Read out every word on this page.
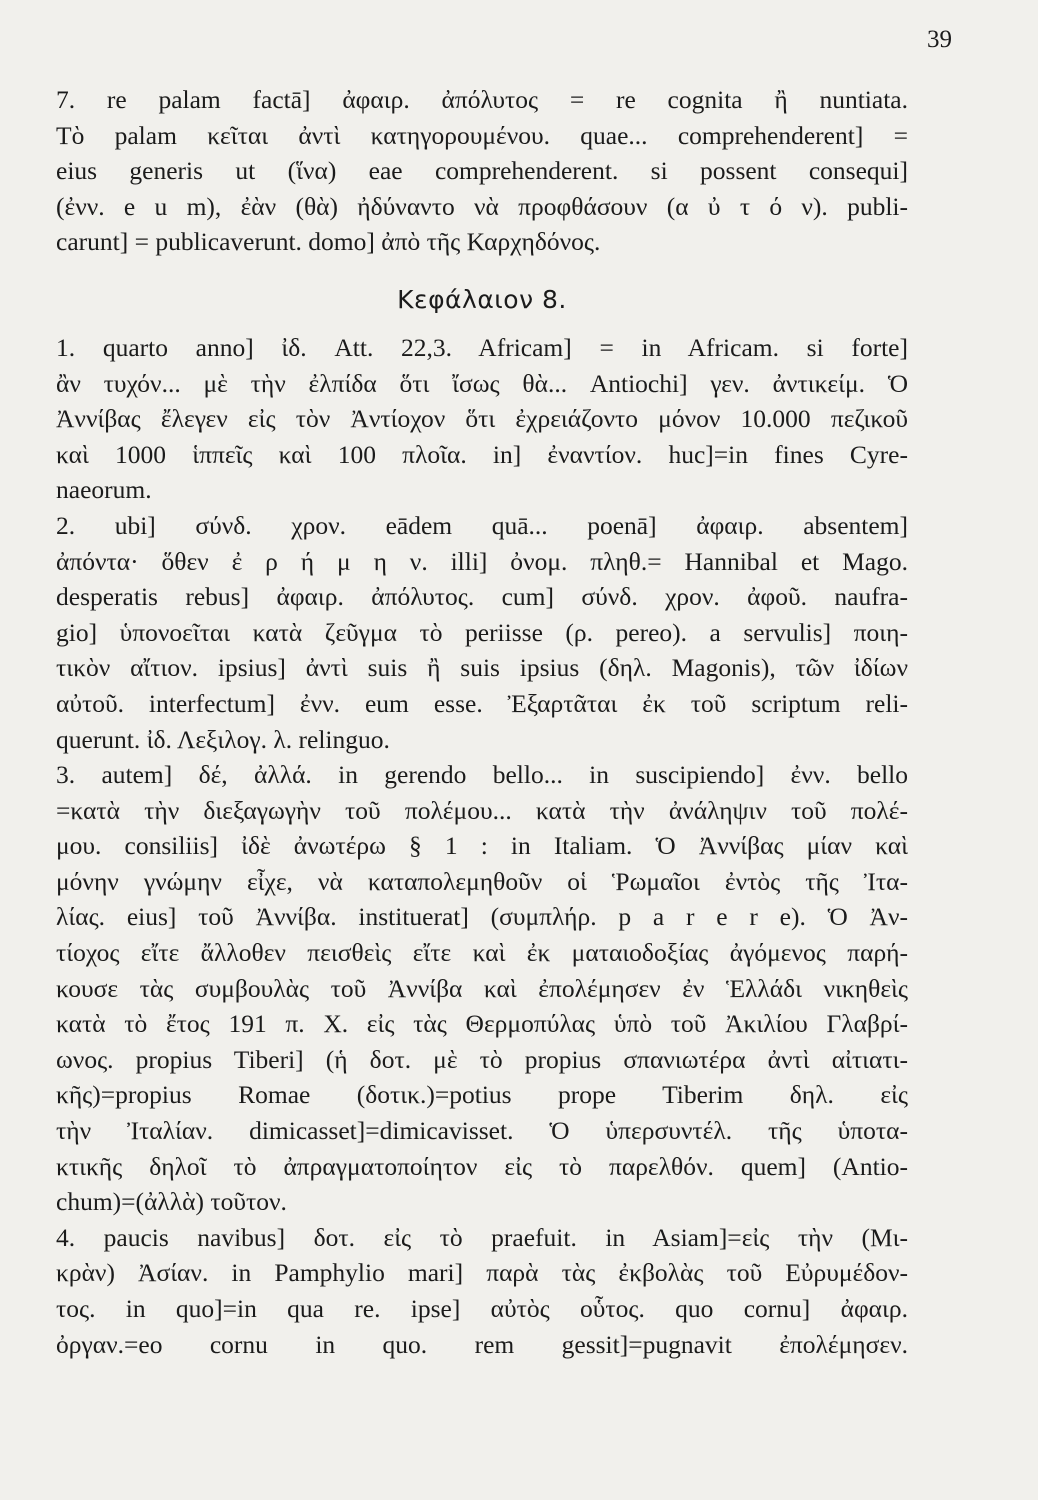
39
7. re palam factā] ἀφαιρ. ἀπόλυτος = re cognita ἢ nuntiata.
Τὸ palam κεῖται ἀντὶ κατηγορουμένου. quae... comprehenderent] =
eius generis ut (ἵνα) eae comprehenderent. si possent consequi]
(ἐνν. e u m), ἐὰν (θὰ) ἠδύναντο νὰ προφθάσουν (α ὐ τ ό ν). publi-
carunt] = publicaverunt. domo] ἀπὸ τῆς Καρχηδόνος.
Κεφάλαιον 8.
1. quarto anno] ἰδ. Att. 22,3. Africam] = in Africam. si forte]
ἂν τυχόν... μὲ τὴν ἐλπίδα ὅτι ἴσως θὰ... Antiochi] γεν. ἀντικείμ. Ὁ
Ἀννίβας ἔλεγεν εἰς τὸν Ἀντίοχον ὅτι ἐχρειάζοντο μόνον 10.000 πεζικοῦ
καὶ 1000 ἱππεῖς καὶ 100 πλοῖα. in] ἐναντίον. huc]=in fines Cyre-
naeorum.
2. ubi] σύνδ. χρον. eādem quā... poenā] ἀφαιρ. absentem]
ἀπόντα· ὅθεν ἐ ρ ή μ η ν. illi] ὀνομ. πληθ.= Hannibal et Mago.
desperatis rebus] ἀφαιρ. ἀπόλυτος. cum] σύνδ. χρον. ἀφοῦ. naufra-
gio] ὑπονοεῖται κατὰ ζεῦγμα τὸ periisse (ρ. pereo). a servulis] ποιη-
τικὸν αἴτιον. ipsius] ἀντὶ suis ἢ suis ipsius (δηλ. Magonis), τῶν ἰδίων
αὐτοῦ. interfectum] ἐνν. eum esse. Ἐξαρτᾶται ἐκ τοῦ scriptum reli-
querunt. ἰδ. Λεξιλογ. λ. relinguo.
3. autem] δέ, ἀλλά. in gerendo bello... in suscipiendo] ἐνν. bello
=κατὰ τὴν διεξαγωγὴν τοῦ πολέμου... κατὰ τὴν ἀνάληψιν τοῦ πολέ-
μου. consiliis] ἰδὲ ἀνωτέρω § 1 : in Italiam. Ὁ Ἀννίβας μίαν καὶ
μόνην γνώμην εἶχε, νὰ καταπολεμηθοῦν οἱ Ῥωμαῖοι ἐντὸς τῆς Ἰτα-
λίας. eius] τοῦ Ἀννίβα. instituerat] (συμπλήρ. p a r e r e). Ὁ Ἀν-
τίοχος εἴτε ἄλλοθεν πεισθεὶς εἴτε καὶ ἐκ ματαιοδοξίας ἀγόμενος παρή-
κουσε τὰς συμβουλὰς τοῦ Ἀννίβα καὶ ἐπολέμησεν ἐν Ἑλλάδι νικηθεὶς
κατὰ τὸ ἔτος 191 π. Χ. εἰς τὰς Θερμοπύλας ὑπὸ τοῦ Ἀκιλίου Γλαβρί-
ωνος. propius Tiberi] (ἡ δοτ. μὲ τὸ propius σπανιωτέρα ἀντὶ αἰτιατι-
κῆς)=propius Romae (δοτικ.)=potius prope Tiberim δηλ. εἰς
τὴν Ἰταλίαν. dimicasset]=dimicavisset. Ὁ ὑπερσυντέλ. τῆς ὑποτα-
κτικῆς δηλοῖ τὸ ἀπραγματοποίητον εἰς τὸ παρελθόν. quem] (Antio-
chum)=(ἀλλὰ) τοῦτον.
4. paucis navibus] δοτ. εἰς τὸ praefuit. in Asiam]=εἰς τὴν (Μι-
κρὰν) Ἀσίαν. in Pamphylio mari] παρὰ τὰς ἐκβολὰς τοῦ Εὐρυμέδον-
τος. in quo]=in qua re. ipse] αὐτὸς οὗτος. quo cornu] ἀφαιρ.
ὀργαν.=eo cornu in quo. rem gessit]=pugnavit ἐπολέμησεν.
